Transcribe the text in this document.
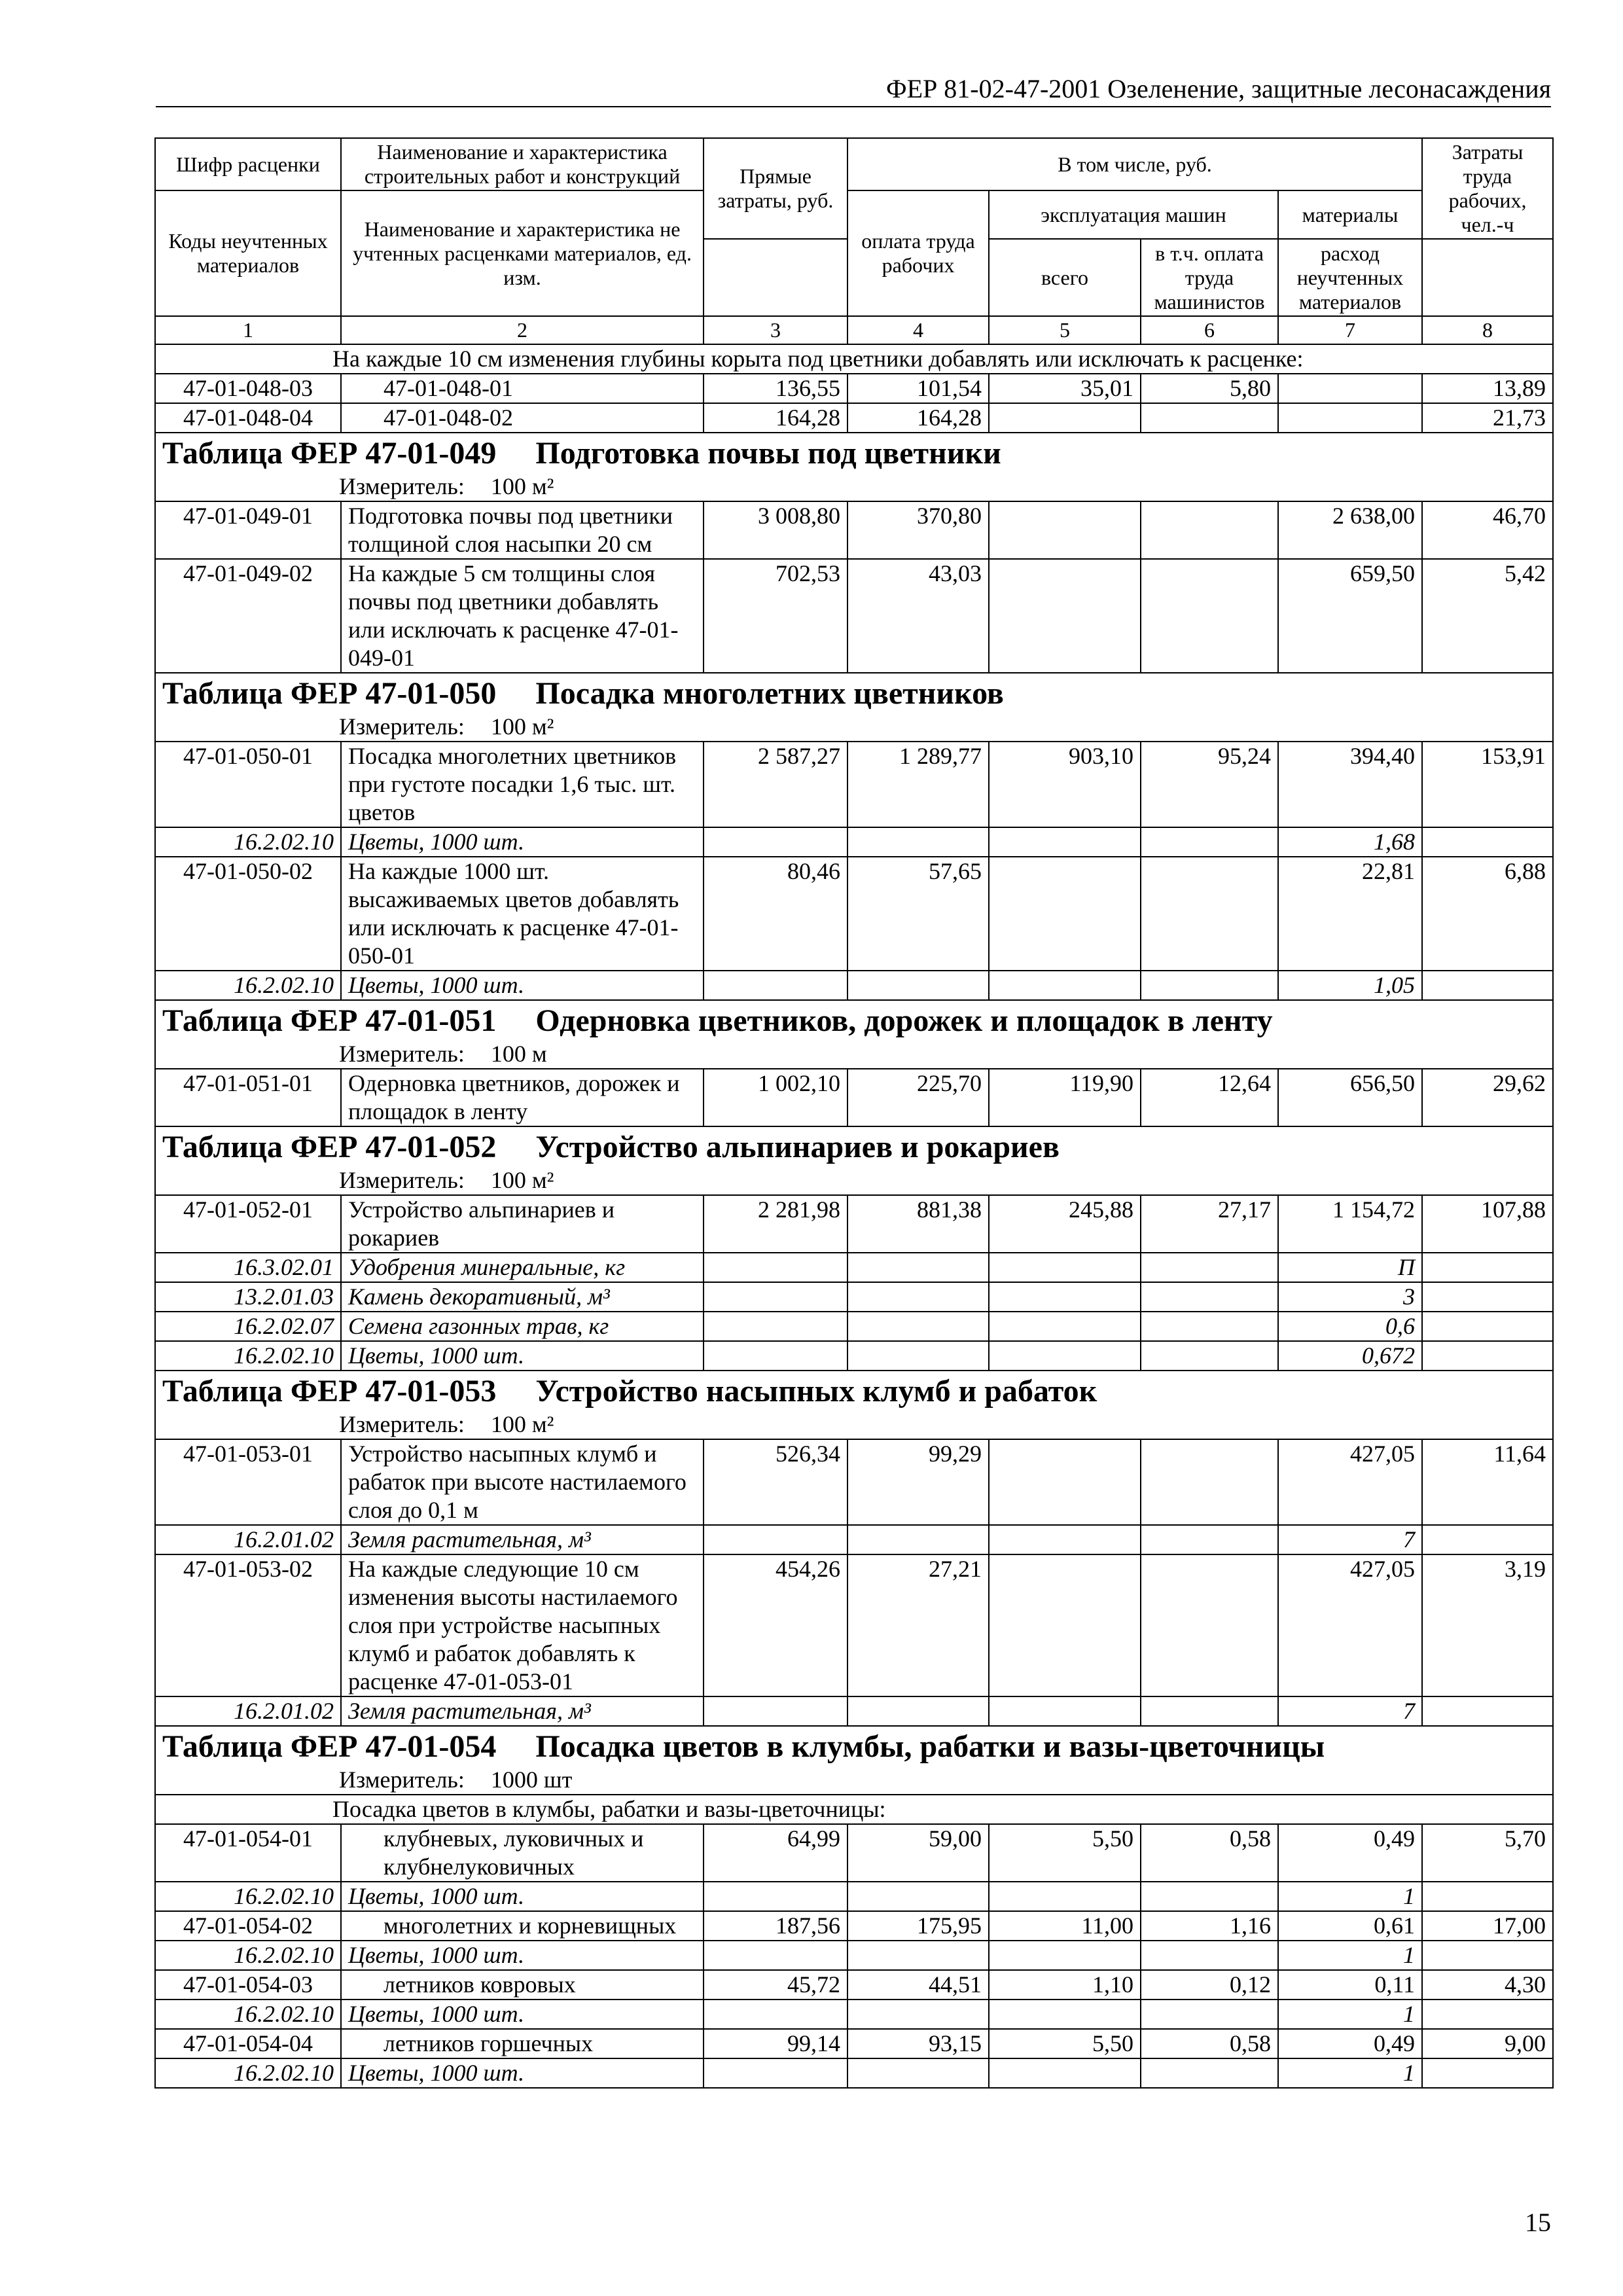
ФЕР 81-02-47-2001 Озеленение, защитные лесонасаждения
Шифр расценки	Наименование и характеристика строительных работ и конструкций	Прямые затраты, руб.	В том числе, руб.				Затраты труда рабочих, чел.-ч
Коды неучтенных материалов	Наименование и характеристика не учтенных расценками материалов, ед. изм.		оплата труда рабочих	эксплуатация машин		материалы	
				всего	в т.ч. оплата труда машинистов	расход неучтенных материалов	
1	2	3	4	5	6	7	8
На каждые 10 см изменения глубины корыта под цветники добавлять или исключать к расценке:							
47-01-048-03	47-01-048-01	136,55	101,54	35,01	5,80		13,89
47-01-048-04	47-01-048-02	164,28	164,28				21,73

Таблица ФЕР 47-01-049 Подготовка почвы под цветники
Измеритель: 100 м²							

47-01-049-01	Подготовка почвы под цветники толщиной слоя насыпки 20 см	3 008,80	370,80			2 638,00	46,70
47-01-049-02	На каждые 5 см толщины слоя почвы под цветники добавлять или исключать к расценке 47-01-049-01	702,53	43,03			659,50	5,42

Таблица ФЕР 47-01-050 Посадка многолетних цветников
Измеритель: 100 м²							

47-01-050-01	Посадка многолетних цветников при густоте посадки 1,6 тыс. шт. цветов	2 587,27	1 289,77	903,10	95,24	394,40	153,91
16.2.02.10	Цветы, 1000 шт.					1,68	
47-01-050-02	На каждые 1000 шт. высаживаемых цветов добавлять или исключать к расценке 47-01-050-01	80,46	57,65			22,81	6,88
16.2.02.10	Цветы, 1000 шт.					1,05	

Таблица ФЕР 47-01-051 Одерновка цветников, дорожек и площадок в ленту
Измеритель: 100 м							

47-01-051-01	Одерновка цветников, дорожек и площадок в ленту	1 002,10	225,70	119,90	12,64	656,50	29,62

Таблица ФЕР 47-01-052 Устройство альпинариев и рокариев
Измеритель: 100 м²							

47-01-052-01	Устройство альпинариев и рокариев	2 281,98	881,38	245,88	27,17	1 154,72	107,88
16.3.02.01	Удобрения минеральные, кг					П	
13.2.01.03	Камень декоративный, м³					3	
16.2.02.07	Семена газонных трав, кг					0,6	
16.2.02.10	Цветы, 1000 шт.					0,672	

Таблица ФЕР 47-01-053 Устройство насыпных клумб и рабаток
Измеритель: 100 м²							

47-01-053-01	Устройство насыпных клумб и рабаток при высоте настилаемого слоя до 0,1 м	526,34	99,29			427,05	11,64
16.2.01.02	Земля растительная, м³					7	
47-01-053-02	На каждые следующие 10 см изменения высоты настилаемого слоя при устройстве насыпных клумб и рабаток добавлять к расценке 47-01-053-01	454,26	27,21			427,05	3,19
16.2.01.02	Земля растительная, м³					7	

Таблица ФЕР 47-01-054 Посадка цветов в клумбы, рабатки и вазы-цветочницы
Измеритель: 1000 шт							

Посадка цветов в клумбы, рабатки и вазы-цветочницы:							
47-01-054-01	клубневых, луковичных и клубнелуковичных	64,99	59,00	5,50	0,58	0,49	5,70
16.2.02.10	Цветы, 1000 шт.					1	
47-01-054-02	многолетних и корневищных	187,56	175,95	11,00	1,16	0,61	17,00
16.2.02.10	Цветы, 1000 шт.					1	
47-01-054-03	летников ковровых	45,72	44,51	1,10	0,12	0,11	4,30
16.2.02.10	Цветы, 1000 шт.					1	
47-01-054-04	летников горшечных	99,14	93,15	5,50	0,58	0,49	9,00
16.2.02.10	Цветы, 1000 шт.					1	
15
